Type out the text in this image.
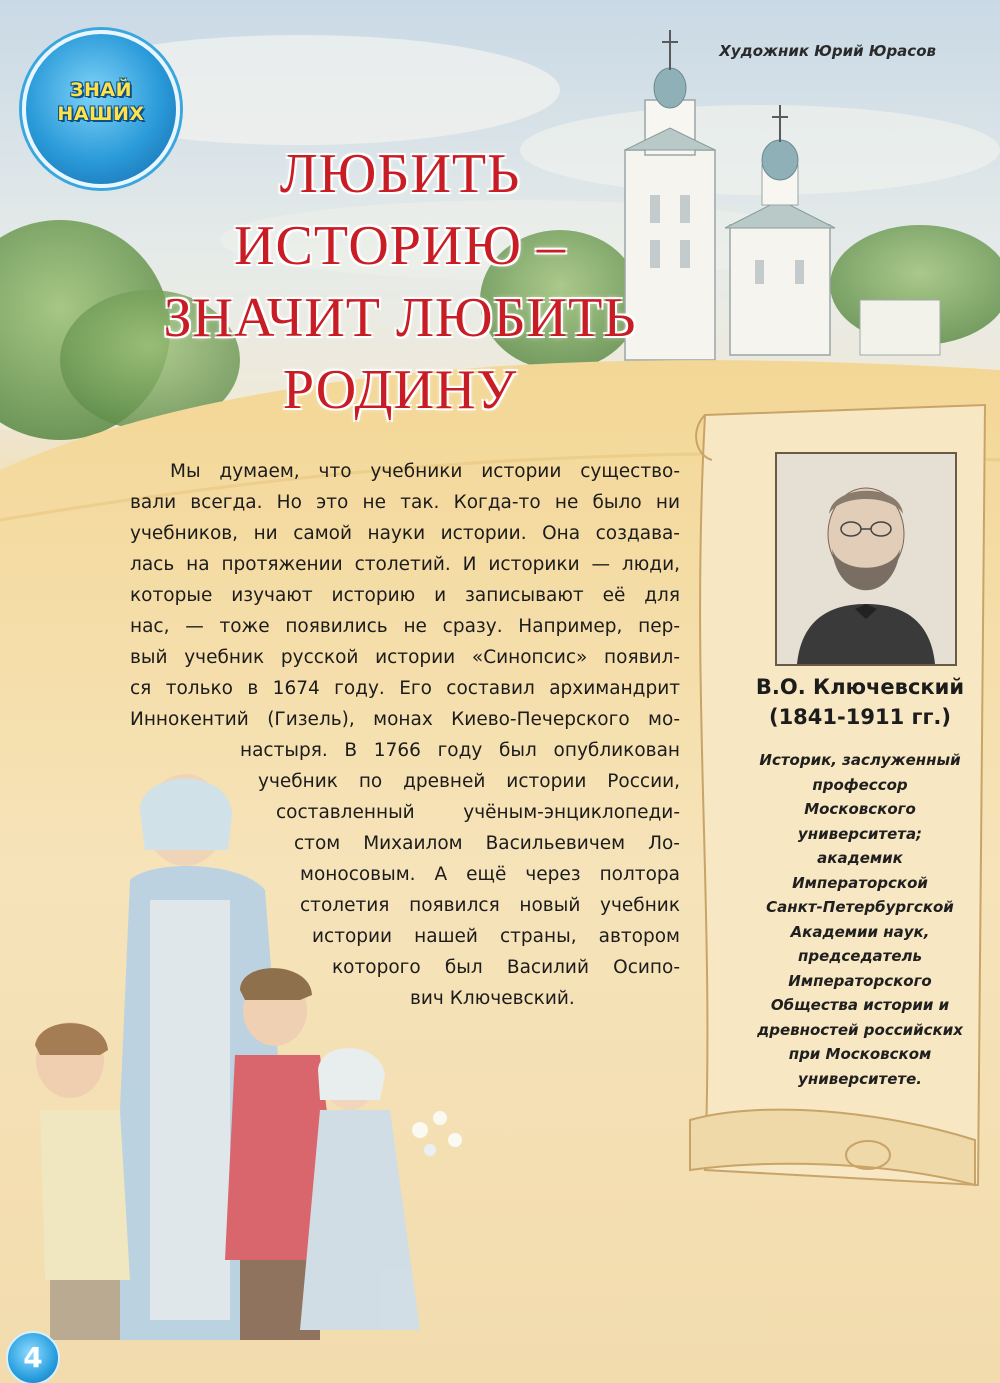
ЗНАЙ
НАШИХ
Художник Юрий Юрасов
ЛЮБИТЬ
ИСТОРИЮ –
ЗНАЧИТ ЛЮБИТЬ
РОДИНУ
Мы думаем, что учебники истории существо-
вали всегда. Но это не так. Когда-то не было ни
учебников, ни самой науки истории. Она создава-
лась на протяжении столетий. И историки — люди,
которые изучают историю и записывают её для
нас, — тоже появились не сразу. Например, пер-
вый учебник русской истории «Синопсис» появил-
ся только в 1674 году. Его составил архимандрит
Иннокентий (Гизель), монах Киево-Печерского мо-
настыря. В 1766 году был опубликован
учебник по древней истории России,
составленный учёным-энциклопеди-
стом Михаилом Васильевичем Ло-
моносовым. А ещё через полтора
столетия появился новый учебник
истории нашей страны, автором
которого был Василий Осипо-
вич Ключевский.
В.О. Ключевский
(1841-1911 гг.)
Историк, заслуженный
профессор
Московского
университета;
академик
Императорской
Санкт-Петербургской
Академии наук,
председатель
Императорского
Общества истории и
древностей российских
при Московском
университете.
4
